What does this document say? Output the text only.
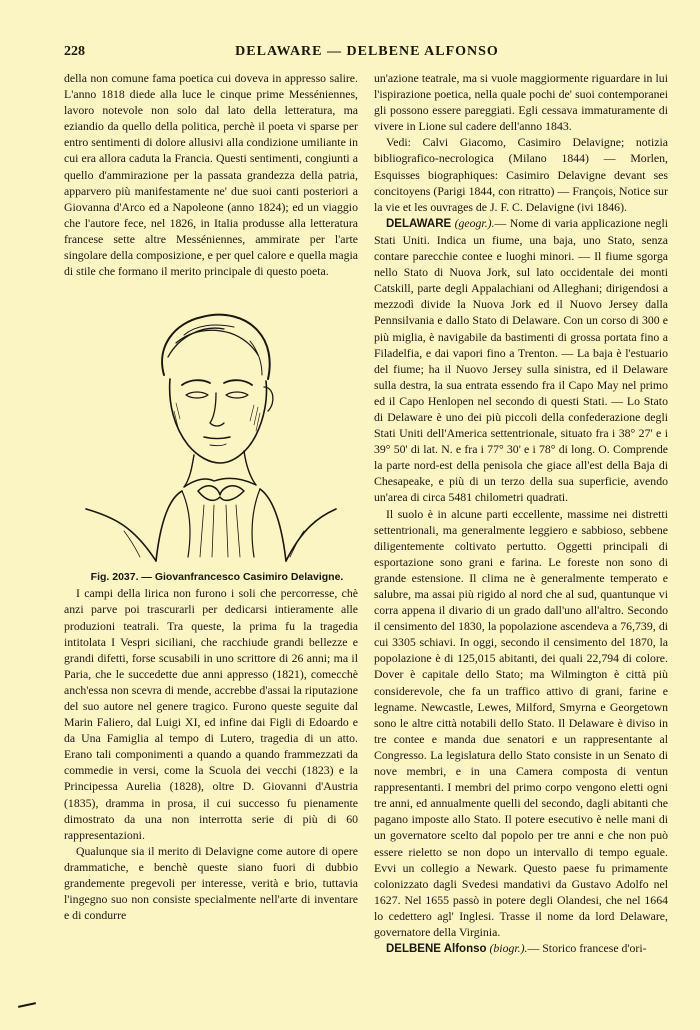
228	DELAWARE — DELBENE ALFONSO

della non comune fama poetica cui doveva in appresso salire. L'anno 1818 diede alla luce le cinque prime Messéniennes, lavoro notevole non solo dal lato della letteratura, ma eziandio da quello della politica, perchè il poeta vi sparse per entro sentimenti di dolore allusivi alla condizione umiliante in cui era allora caduta la Francia. Questi sentimenti, congiunti a quello d'ammirazione per la passata grandezza della patria, apparvero più manifestamente ne' due suoi canti posteriori a Giovanna d'Arco ed a Napoleone (anno 1824); ed un viaggio che l'autore fece, nel 1826, in Italia produsse alla letteratura francese sette altre Messéniennes, ammirate per l'arte singolare della composizione, e per quel calore e quella magia di stile che formano il merito principale di questo poeta.

Fig. 2037. — Giovanfrancesco Casimiro Delavigne.

I campi della lirica non furono i soli che percorresse, chè anzi parve poi trascurarli per dedicarsi intieramente alle produzioni teatrali. Tra queste, la prima fu la tragedia intitolata I Vespri siciliani, che racchiude grandi bellezze e grandi difetti, forse scusabili in uno scrittore di 26 anni; ma il Paria, che le succedette due anni appresso (1821), comecchè anch'essa non scevra di mende, accrebbe d'assai la riputazione del suo autore nel genere tragico. Furono queste seguite dal Marin Faliero, dal Luigi XI, ed infine dai Figli di Edoardo e da Una Famiglia al tempo di Lutero, tragedia di un atto. Erano tali componimenti a quando a quando frammezzati da commedie in versi, come la Scuola dei vecchi (1823) e la Principessa Aurelia (1828), oltre D. Giovanni d'Austria (1835), dramma in prosa, il cui successo fu pienamente dimostrato da una non interrotta serie di più di 60 rappresentazioni.

Qualunque sia il merito di Delavigne come autore di opere drammatiche, e benchè queste siano fuori di dubbio grandemente pregevoli per interesse, verità e brio, tuttavia l'ingegno suo non consiste specialmente nell'arte di inventare e di condurre

un'azione teatrale, ma si vuole maggiormente riguardare in lui l'ispirazione poetica, nella quale pochi de' suoi contemporanei gli possono essere pareggiati. Egli cessava immaturamente di vivere in Lione sul cadere dell'anno 1843.

Vedi: Calvi Giacomo, Casimiro Delavigne; notizia bibliografico-necrologica (Milano 1844) — Morlen, Esquisses biographiques: Casimiro Delavigne devant ses concitoyens (Parigi 1844, con ritratto) — François, Notice sur la vie et les ouvrages de J. F. C. Delavigne (ivi 1846).

DELAWARE (geogr.).— Nome di varia applicazione negli Stati Uniti. Indica un fiume, una baja, uno Stato, senza contare parecchie contee e luoghi minori. — Il fiume sgorga nello Stato di Nuova Jork, sul lato occidentale dei monti Catskill, parte degli Appalachiani od Alleghani; dirigendosi a mezzodì divide la Nuova Jork ed il Nuovo Jersey dalla Pennsilvania e dallo Stato di Delaware. Con un corso di 300 e più miglia, è navigabile da bastimenti di grossa portata fino a Filadelfia, e dai vapori fino a Trenton. — La baja è l'estuario del fiume; ha il Nuovo Jersey sulla sinistra, ed il Delaware sulla destra, la sua entrata essendo fra il Capo May nel primo ed il Capo Henlopen nel secondo di questi Stati. — Lo Stato di Delaware è uno dei più piccoli della confederazione degli Stati Uniti dell'America settentrionale, situato fra i 38° 27' e i 39° 50' di lat. N. e fra i 77° 30' e i 78° di long. O. Comprende la parte nord-est della penisola che giace all'est della Baja di Chesapeake, e più di un terzo della sua superficie, avendo un'area di circa 5481 chilometri quadrati.

Il suolo è in alcune parti eccellente, massime nei distretti settentrionali, ma generalmente leggiero e sabbioso, sebbene diligentemente coltivato pertutto. Oggetti principali di esportazione sono grani e farina. Le foreste non sono di grande estensione. Il clima ne è generalmente temperato e salubre, ma assai più rigido al nord che al sud, quantunque vi corra appena il divario di un grado dall'uno all'altro. Secondo il censimento del 1830, la popolazione ascendeva a 76,739, di cui 3305 schiavi. In oggi, secondo il censimento del 1870, la popolazione è di 125,015 abitanti, dei quali 22,794 di colore. Dover è capitale dello Stato; ma Wilmington è città più considerevole, che fa un traffico attivo di grani, farine e legname. Newcastle, Lewes, Milford, Smyrna e Georgetown sono le altre città notabili dello Stato. Il Delaware è diviso in tre contee e manda due senatori e un rappresentante al Congresso. La legislatura dello Stato consiste in un Senato di nove membri, e in una Camera composta di ventun rappresentanti. I membri del primo corpo vengono eletti ogni tre anni, ed annualmente quelli del secondo, dagli abitanti che pagano imposte allo Stato. Il potere esecutivo è nelle mani di un governatore scelto dal popolo per tre anni e che non può essere rieletto se non dopo un intervallo di tempo eguale. Evvi un collegio a Newark. Questo paese fu primamente colonizzato dagli Svedesi mandativi da Gustavo Adolfo nel 1627. Nel 1655 passò in potere degli Olandesi, che nel 1664 lo cedettero agl' Inglesi. Trasse il nome da lord Delaware, governatore della Virginia.

DELBENE Alfonso (biogr.).— Storico francese d'ori-
